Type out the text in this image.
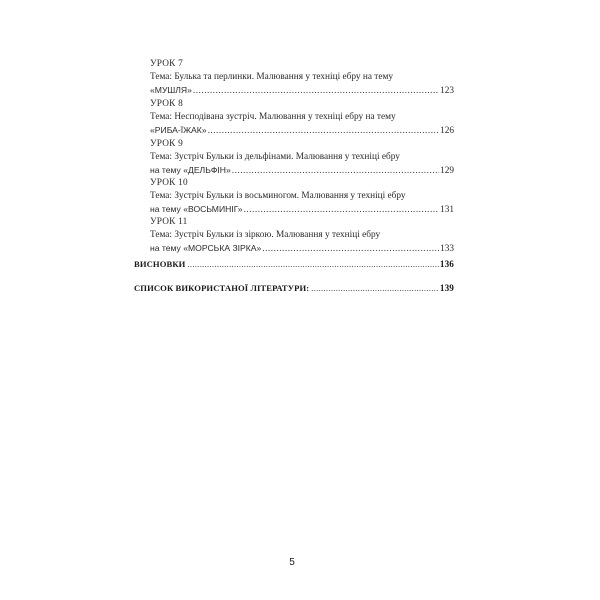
УРОК 7
Тема: Булька та перлинки. Малювання у техніці ебру на тему
«МУШЛЯ» .....	123
УРОК 8
Тема: Несподівана зустріч. Малювання у техніці ебру на тему
«РИБА-ЇЖАК» .....	126
УРОК 9
Тема: Зустріч Бульки із дельфінами. Малювання у техніці ебру
на тему «ДЕЛЬФІН» .....	129
УРОК 10
Тема: Зустріч Бульки із восьминогом. Малювання у техніці ебру
на тему «ВОСЬМИНІГ» .....	131
УРОК 11
Тема: Зустріч Бульки із зіркою. Малювання у техніці ебру
на тему «МОРСЬКА ЗІРКА» .....	133
ВИСНОВКИ .....	136
СПИСОК ВИКОРИСТАНОЇ ЛІТЕРАТУРИ: .....	139
5
